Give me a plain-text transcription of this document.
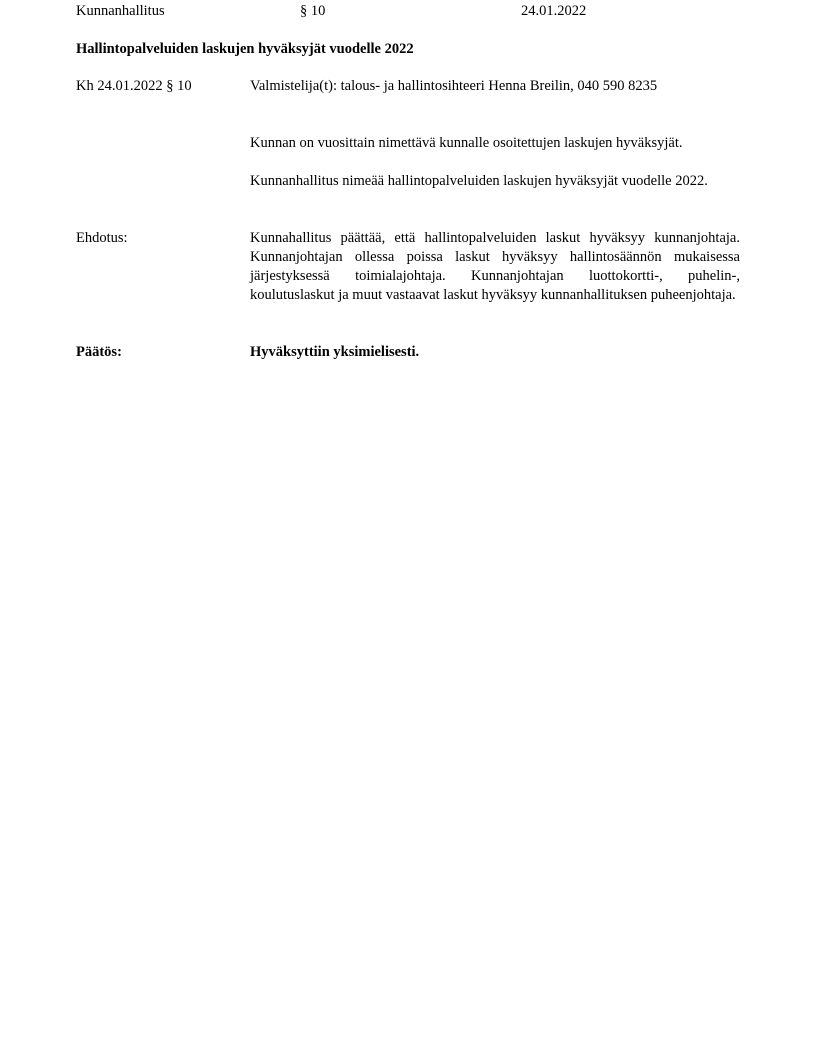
Kunnanhallitus	§ 10	24.01.2022
Hallintopalveluiden laskujen hyväksyjät vuodelle 2022
Kh 24.01.2022 § 10	Valmistelija(t): talous- ja hallintosihteeri Henna Breilin, 040 590 8235
Kunnan on vuosittain nimettävä kunnalle osoitettujen laskujen hyväksyjät.
Kunnanhallitus nimeää hallintopalveluiden laskujen hyväksyjät vuodelle 2022.
Ehdotus:	Kunnahallitus päättää, että hallintopalveluiden laskut hyväksyy kunnanjohtaja. Kunnanjohtajan ollessa poissa laskut hyväksyy hallintosäännön mukaisessa järjestyksessä toimialajohtaja. Kunnanjohtajan luottokortti-, puhelin-, koulutuslaskut ja muut vastaavat laskut hyväksyy kunnanhallituksen puheenjohtaja.
Päätös:	Hyväksyttiin yksimielisesti.
